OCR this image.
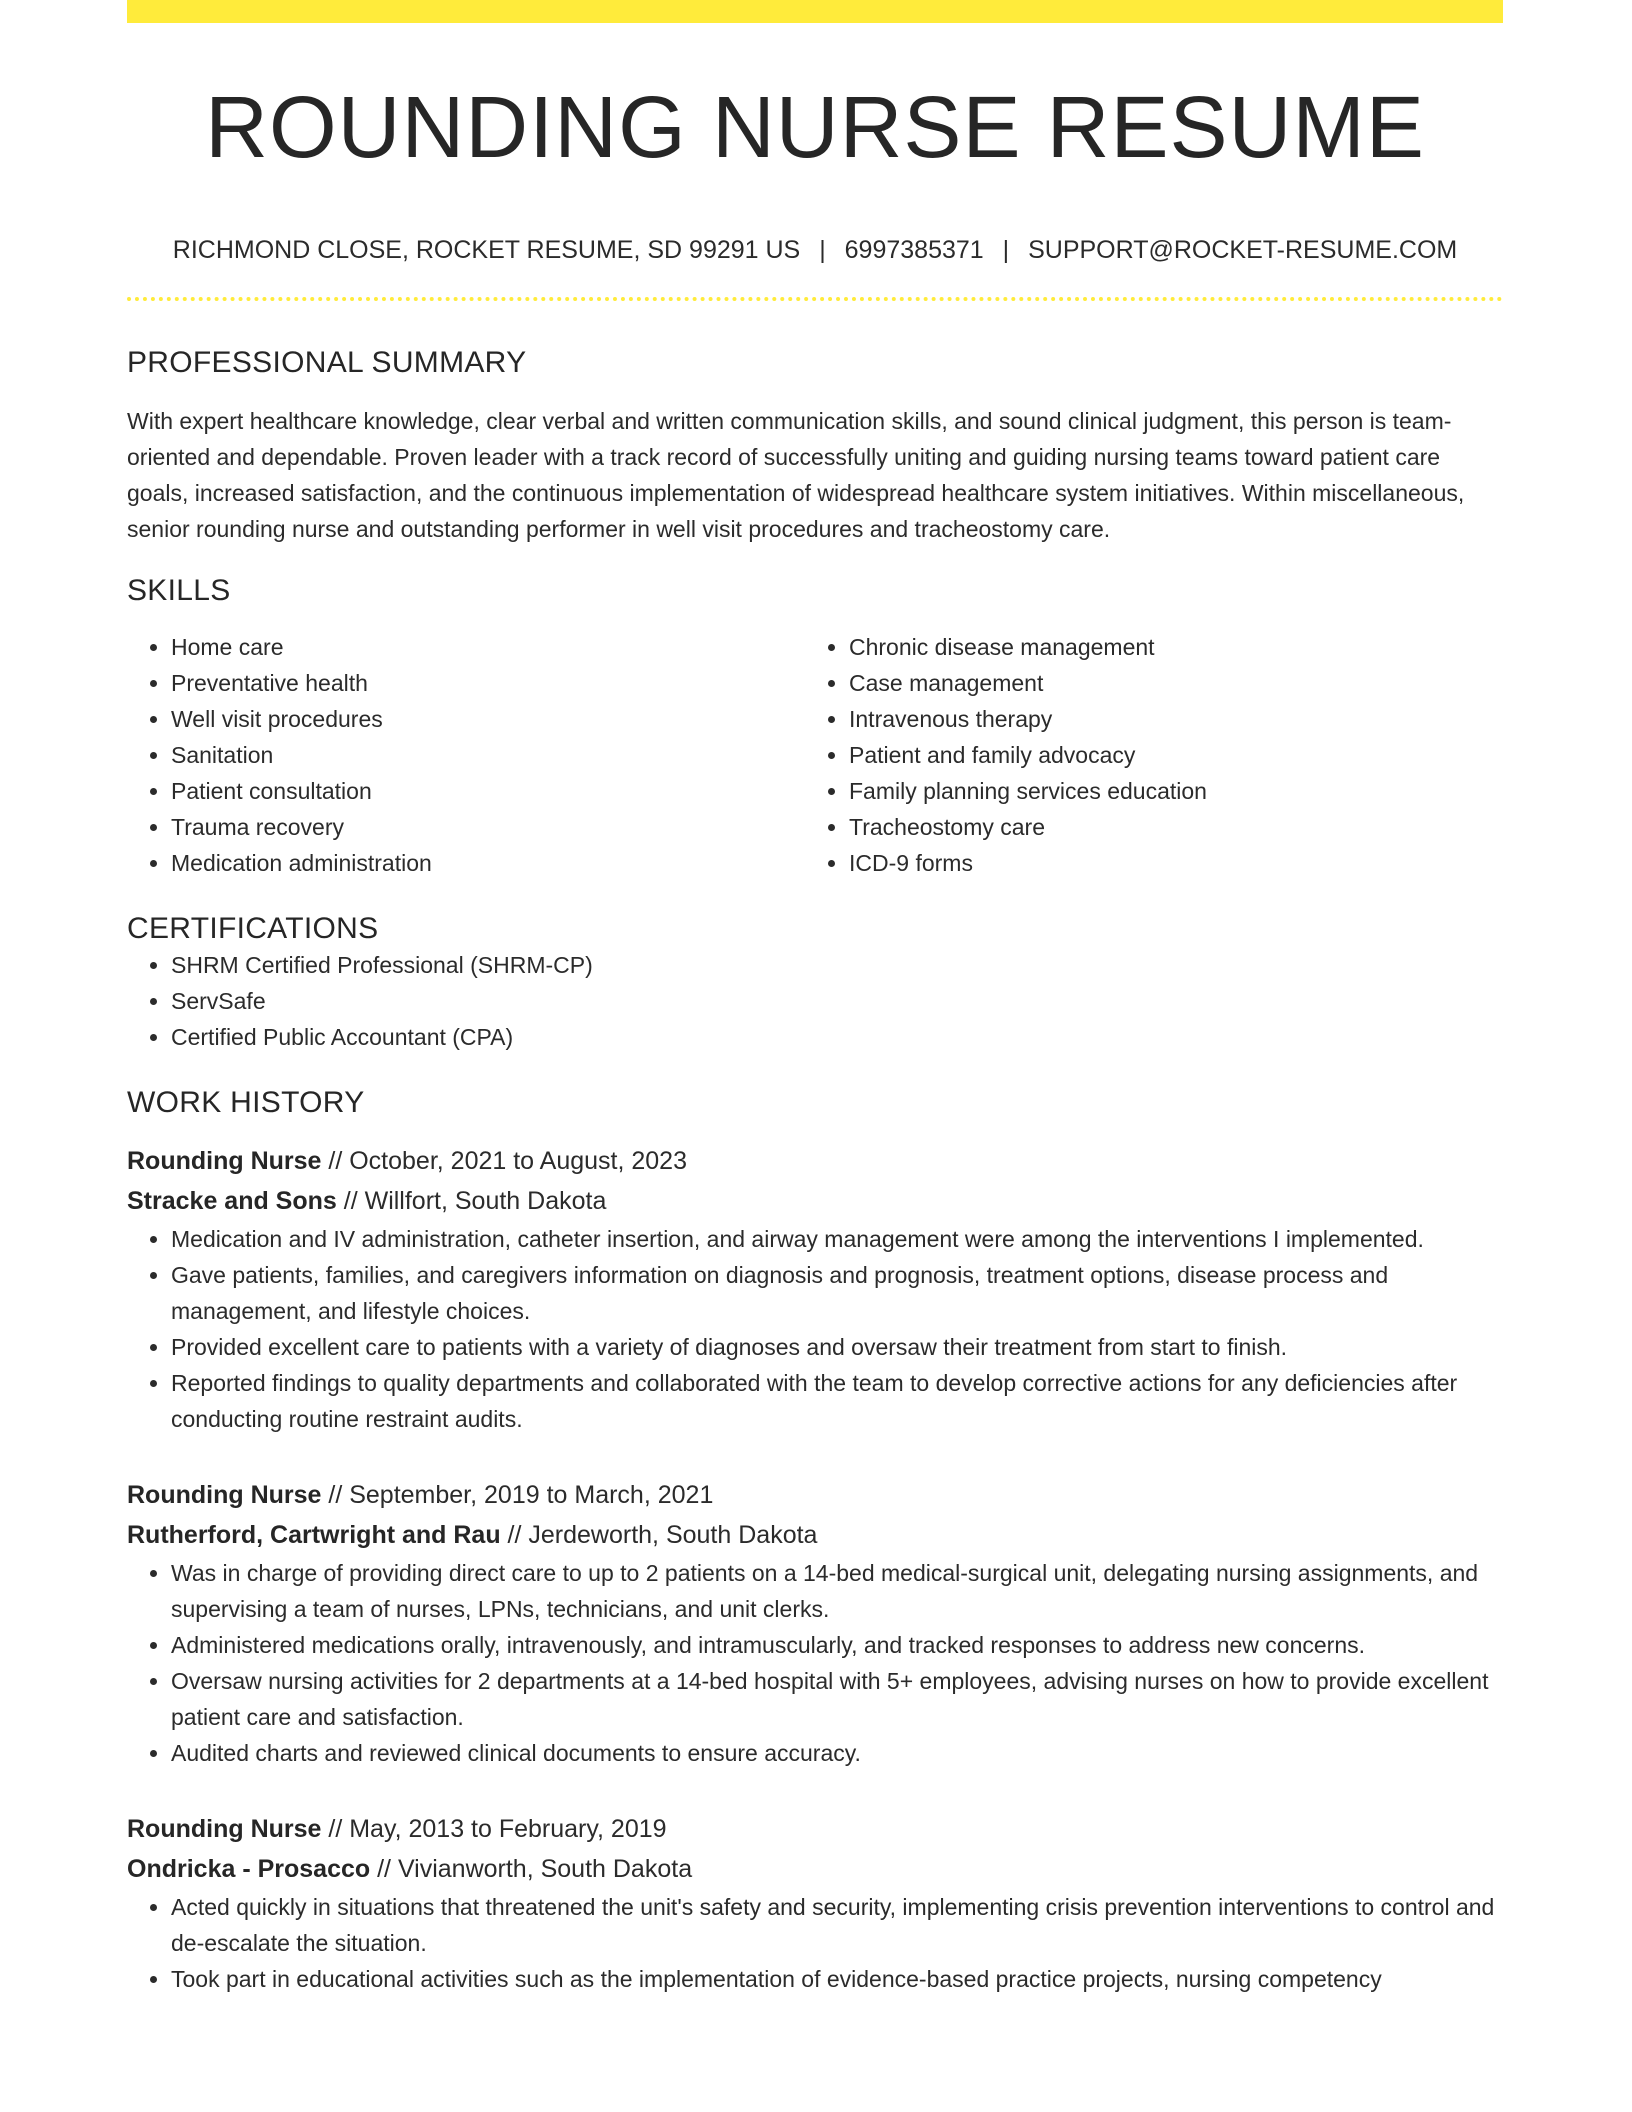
ROUNDING NURSE RESUME
RICHMOND CLOSE, ROCKET RESUME, SD 99291 US | 6997385371 | SUPPORT@ROCKET-RESUME.COM
PROFESSIONAL SUMMARY
With expert healthcare knowledge, clear verbal and written communication skills, and sound clinical judgment, this person is team-oriented and dependable. Proven leader with a track record of successfully uniting and guiding nursing teams toward patient care goals, increased satisfaction, and the continuous implementation of widespread healthcare system initiatives. Within miscellaneous, senior rounding nurse and outstanding performer in well visit procedures and tracheostomy care.
SKILLS
• Home care
• Preventative health
• Well visit procedures
• Sanitation
• Patient consultation
• Trauma recovery
• Medication administration
• Chronic disease management
• Case management
• Intravenous therapy
• Patient and family advocacy
• Family planning services education
• Tracheostomy care
• ICD-9 forms
CERTIFICATIONS
• SHRM Certified Professional (SHRM-CP)
• ServSafe
• Certified Public Accountant (CPA)
WORK HISTORY
Rounding Nurse // October, 2021 to August, 2023
Stracke and Sons // Willfort, South Dakota
• Medication and IV administration, catheter insertion, and airway management were among the interventions I implemented.
• Gave patients, families, and caregivers information on diagnosis and prognosis, treatment options, disease process and management, and lifestyle choices.
• Provided excellent care to patients with a variety of diagnoses and oversaw their treatment from start to finish.
• Reported findings to quality departments and collaborated with the team to develop corrective actions for any deficiencies after conducting routine restraint audits.
Rounding Nurse // September, 2019 to March, 2021
Rutherford, Cartwright and Rau // Jerdeworth, South Dakota
• Was in charge of providing direct care to up to 2 patients on a 14-bed medical-surgical unit, delegating nursing assignments, and supervising a team of nurses, LPNs, technicians, and unit clerks.
• Administered medications orally, intravenously, and intramuscularly, and tracked responses to address new concerns.
• Oversaw nursing activities for 2 departments at a 14-bed hospital with 5+ employees, advising nurses on how to provide excellent patient care and satisfaction.
• Audited charts and reviewed clinical documents to ensure accuracy.
Rounding Nurse // May, 2013 to February, 2019
Ondricka - Prosacco // Vivianworth, South Dakota
• Acted quickly in situations that threatened the unit's safety and security, implementing crisis prevention interventions to control and de-escalate the situation.
• Took part in educational activities such as the implementation of evidence-based practice projects, nursing competency
